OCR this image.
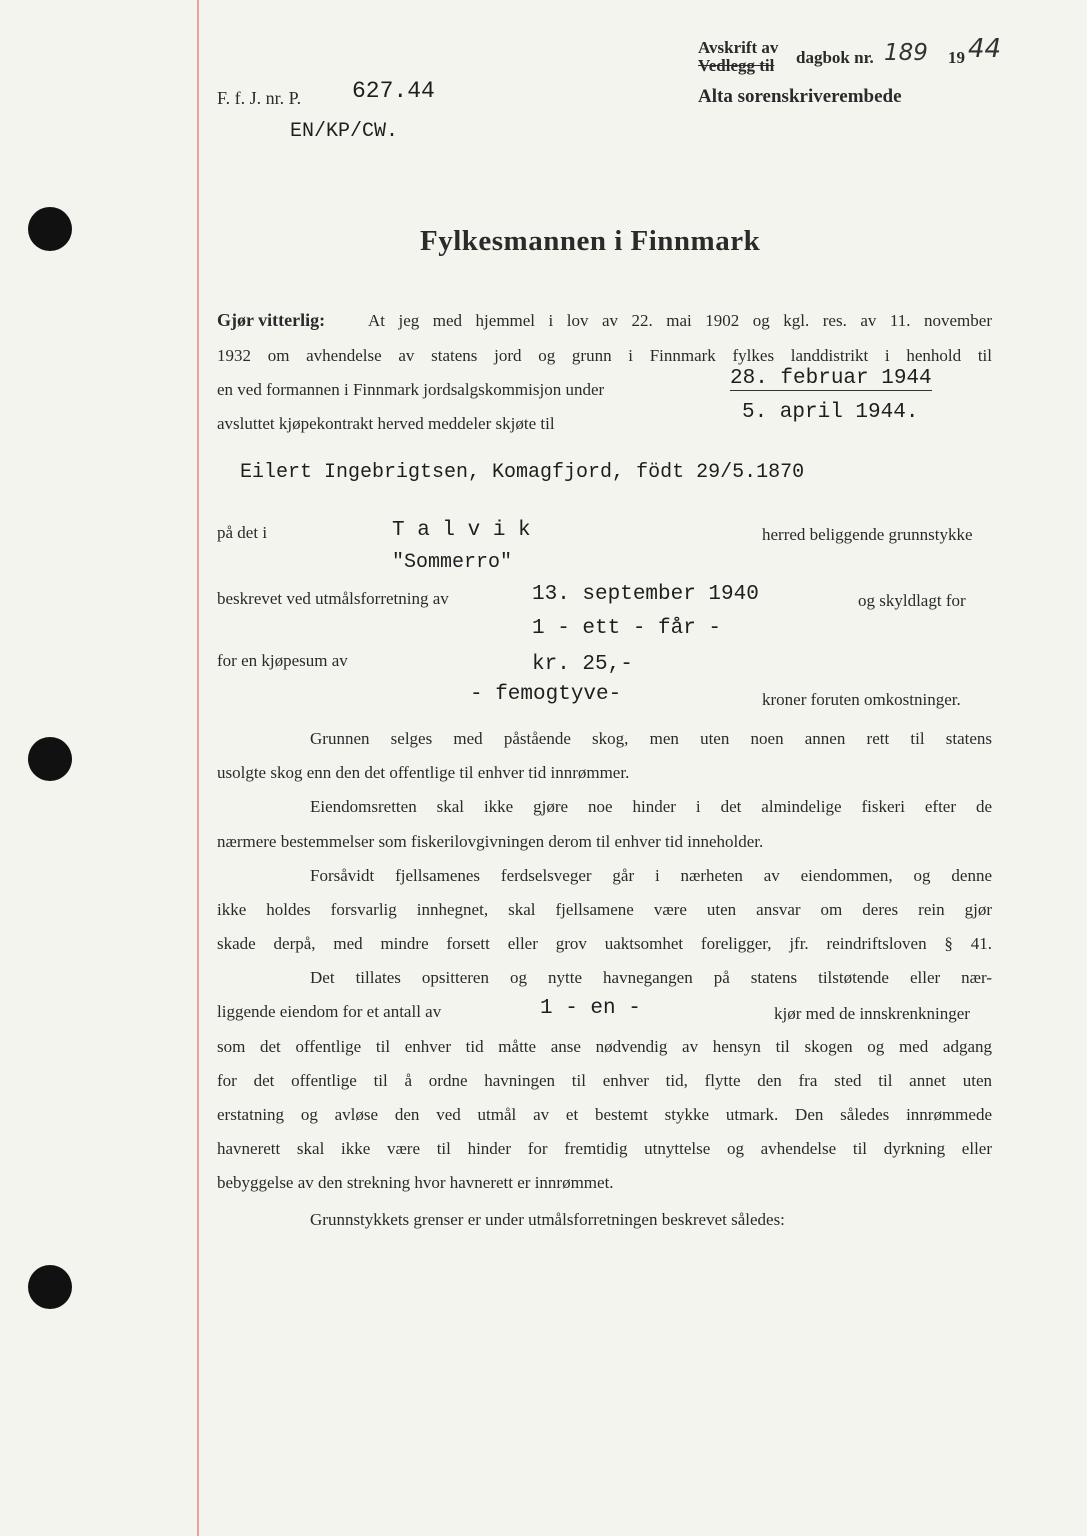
F. f. J. nr. P. 627.44
EN/KP/CW.
Avskrift av
Vedlegg til dagbok nr. 189 19 44
Alta sorenskriverembede
Fylkesmannen i Finnmark
Gjør vitterlig:	At jeg med hjemmel i lov av 22. mai 1902 og kgl. res. av 11. november
1932 om avhendelse av statens jord og grunn i Finnmark fylkes landdistrikt i henhold til
en ved formannen i Finnmark jordsalgskommisjon under	28. februar 1944
avsluttet kjøpekontrakt herved meddeler skjøte til	5. april 1944.
Eilert Ingebrigtsen, Komagfjord, födt 29/5.1870
på det i	T a l v i k	herred beliggende grunnstykke
"Sommerro"
beskrevet ved utmålsforretning av	13. september 1940	og skyldlagt for
1 - ett - får -
for en kjøpesum av	kr. 25,-
- femogtyve-	kroner foruten omkostninger.
Grunnen selges med påstående skog, men uten noen annen rett til statens
usolgte skog enn den det offentlige til enhver tid innrømmer.
Eiendomsretten skal ikke gjøre noe hinder i det almindelige fiskeri efter de
nærmere bestemmelser som fiskerilovgivningen derom til enhver tid inneholder.
Forsåvidt fjellsamenes ferdselsveger går i nærheten av eiendommen, og denne
ikke holdes forsvarlig innhegnet, skal fjellsamene være uten ansvar om deres rein gjør
skade derpå, med mindre forsett eller grov uaktsomhet foreligger, jfr. reindriftsloven § 41.
Det tillates opsitteren og nytte havnegangen på statens tilstøtende eller nær-
liggende eiendom for et antall av	1 - en -	kjør med de innskrenkninger
som det offentlige til enhver tid måtte anse nødvendig av hensyn til skogen og med adgang
for det offentlige til å ordne havningen til enhver tid, flytte den fra sted til annet uten
erstatning og avløse den ved utmål av et bestemt stykke utmark. Den således innrømmede
havnerett skal ikke være til hinder for fremtidig utnyttelse og avhendelse til dyrkning eller
bebyggelse av den strekning hvor havnerett er innrømmet.
Grunnstykkets grenser er under utmålsforretningen beskrevet således:
